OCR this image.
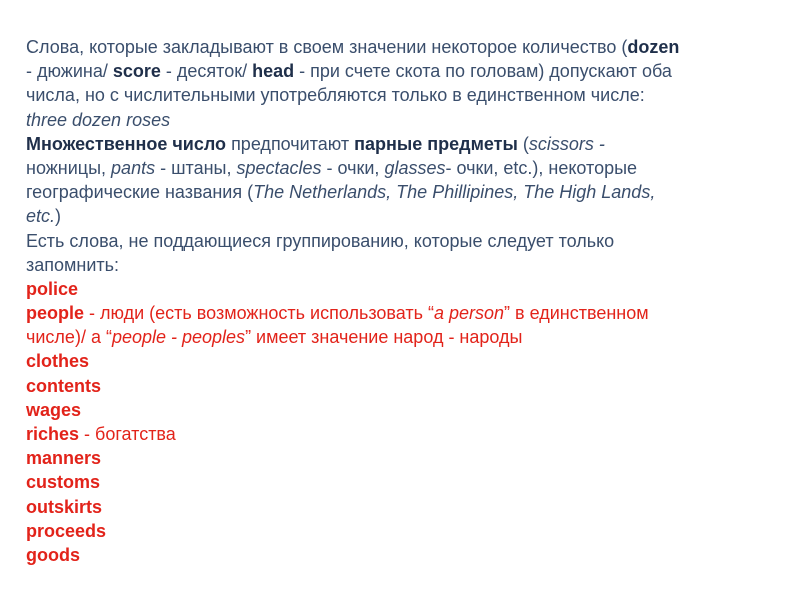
Слова, которые закладывают в своем значении некоторое количество (dozen
- дюжина/ score - десяток/ head - при счете скота по головам) допускают оба
числа, но с числительными употребляются только в единственном числе:
three dozen roses
Множественное число предпочитают парные предметы (scissors -
ножницы, pants - штаны, spectacles - очки, glasses- очки, etc.), некоторые
географические названия (The Netherlands, The Phillipines, The High Lands,
etc.)
Есть слова, не поддающиеся группированию, которые следует только
запомнить:
police
people - люди (есть возможность использовать “a person” в единственном
числе)/ а “people - peoples” имеет значение народ - народы
clothes
contents
wages
riches - богатства
manners
customs
outskirts
proceeds
goods
